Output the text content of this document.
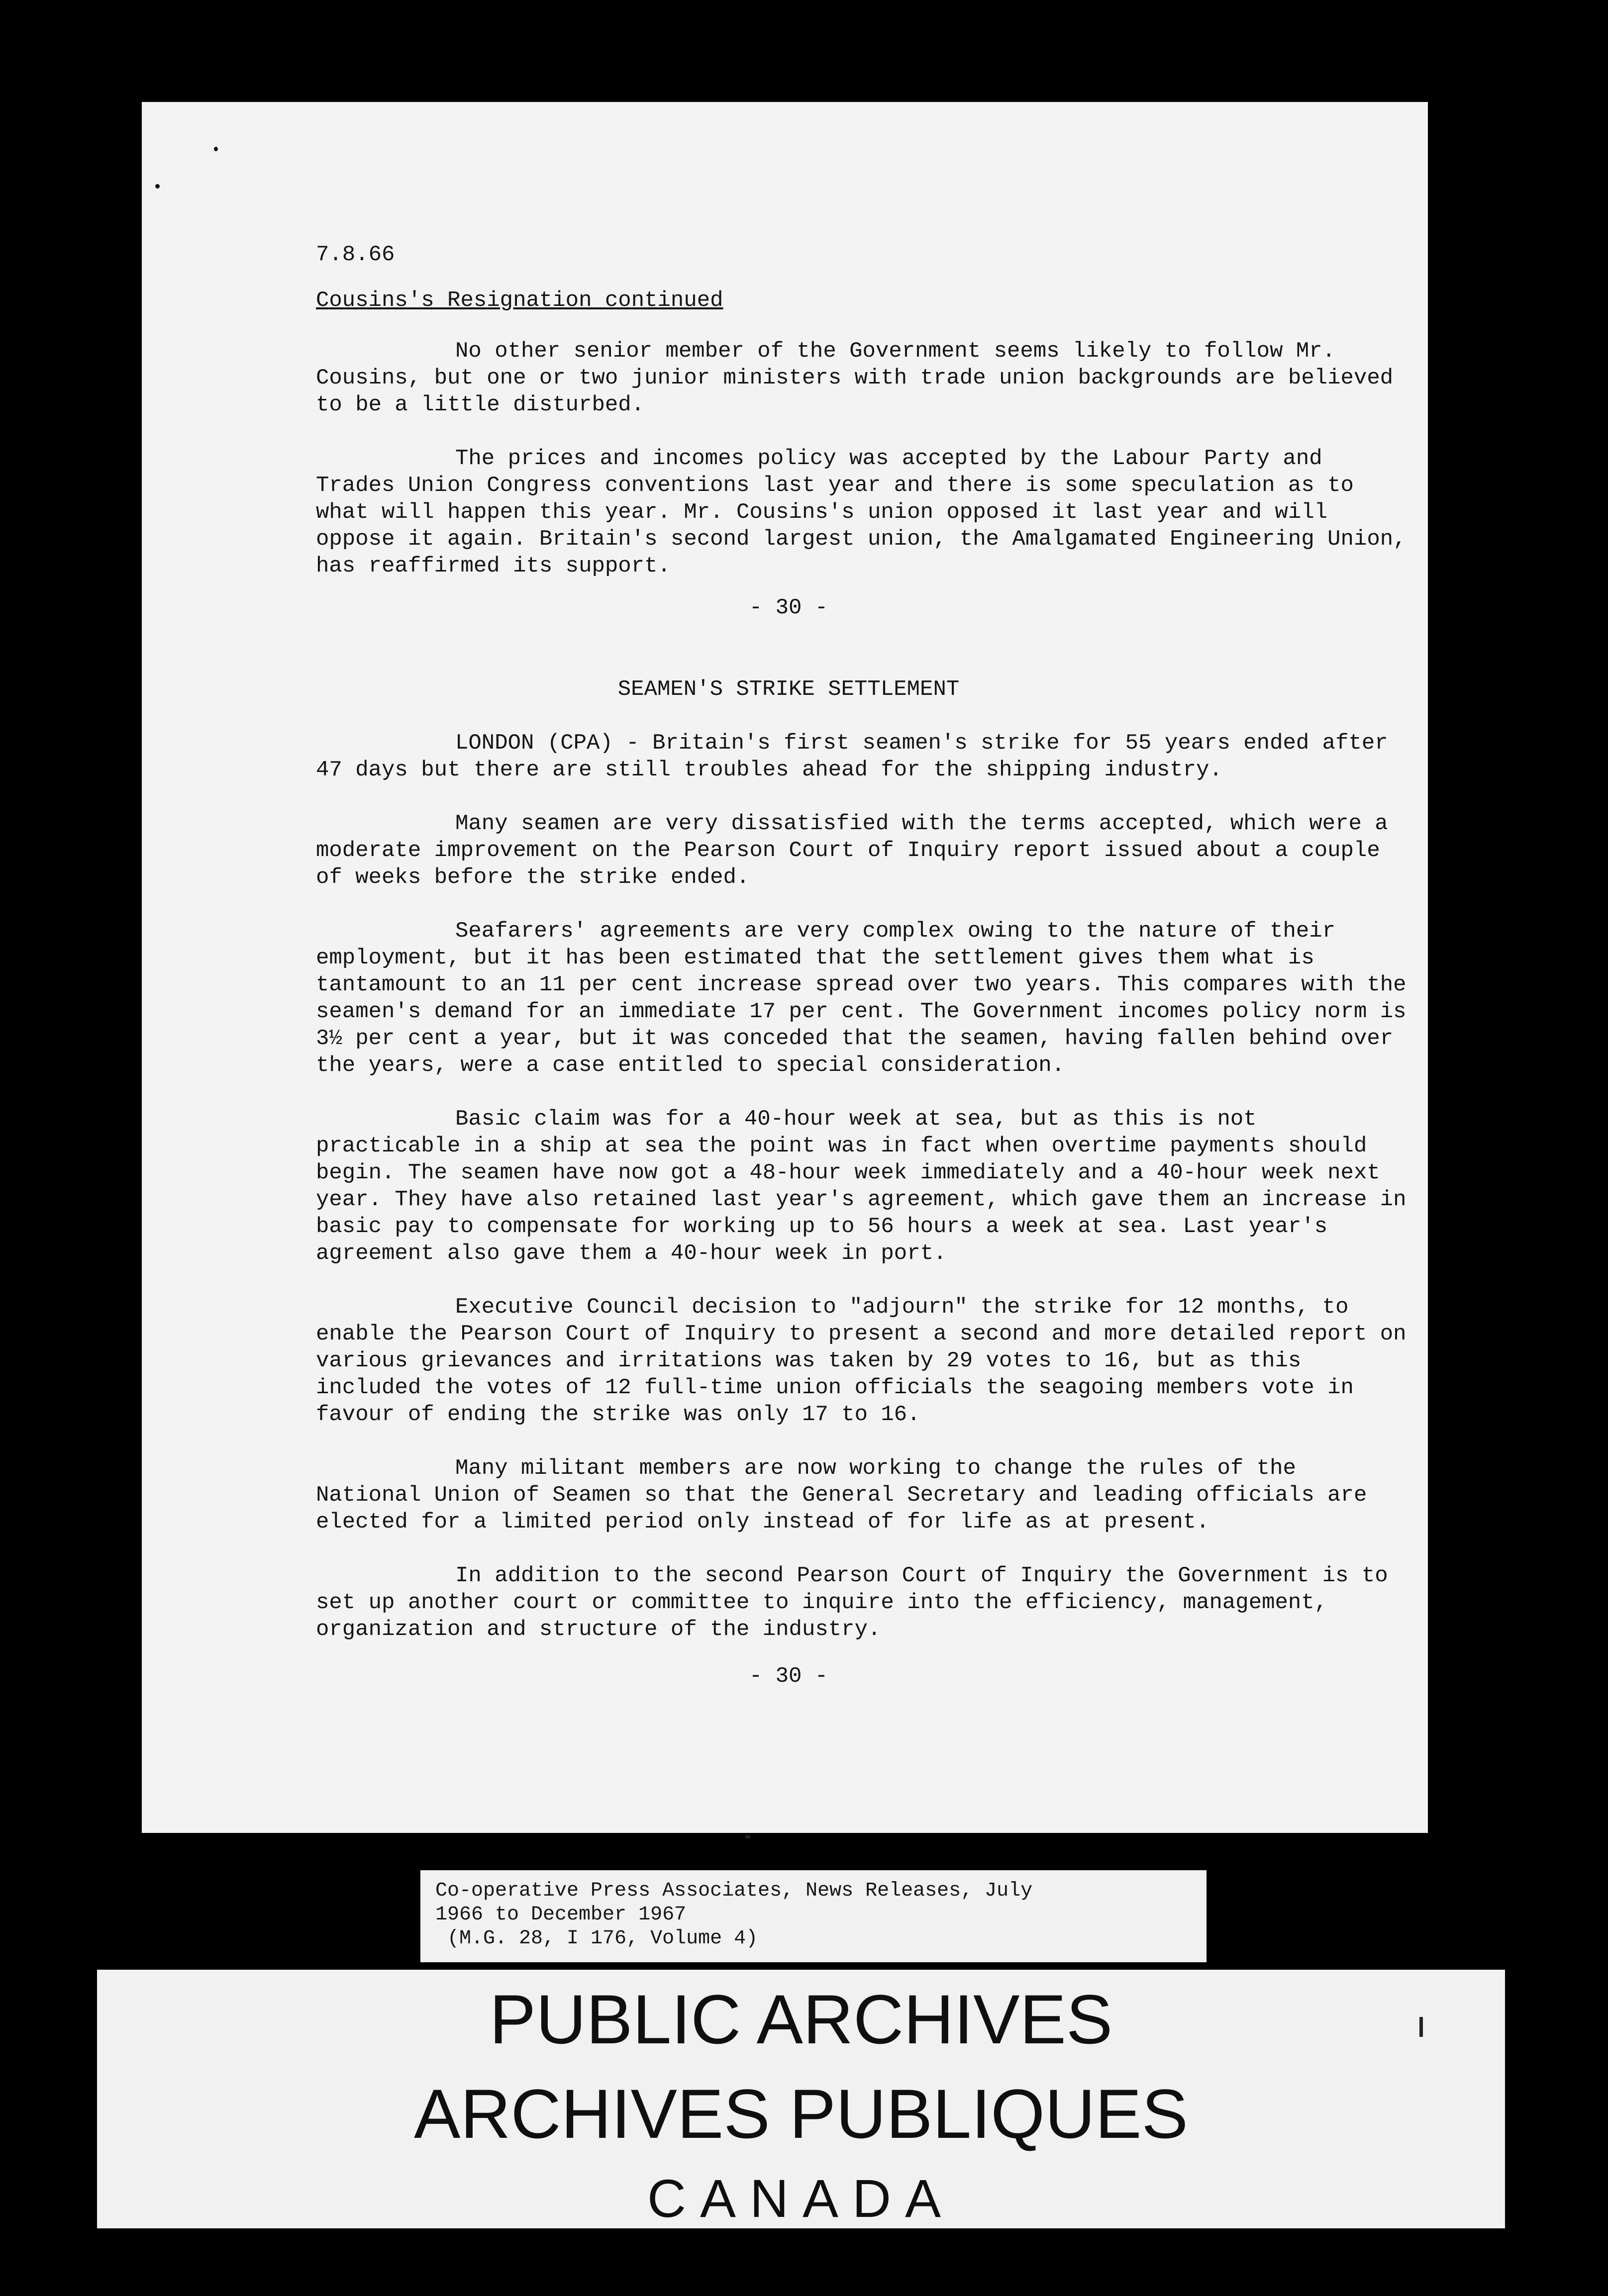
7.8.66
Cousins's Resignation continued

No other senior member of the Government seems likely to follow Mr. Cousins, but one or two junior ministers with trade union backgrounds are believed to be a little disturbed.

The prices and incomes policy was accepted by the Labour Party and Trades Union Congress conventions last year and there is some speculation as to what will happen this year. Mr. Cousins's union opposed it last year and will oppose it again. Britain's second largest union, the Amalgamated Engineering Union, has reaffirmed its support.

- 30 -
SEAMEN'S STRIKE SETTLEMENT

LONDON (CPA) - Britain's first seamen's strike for 55 years ended after 47 days but there are still troubles ahead for the shipping industry.

Many seamen are very dissatisfied with the terms accepted, which were a moderate improvement on the Pearson Court of Inquiry report issued about a couple of weeks before the strike ended.

Seafarers' agreements are very complex owing to the nature of their employment, but it has been estimated that the settlement gives them what is tantamount to an 11 per cent increase spread over two years. This compares with the seamen's demand for an immediate 17 per cent. The Government incomes policy norm is 3½ per cent a year, but it was conceded that the seamen, having fallen behind over the years, were a case entitled to special consideration.

Basic claim was for a 40-hour week at sea, but as this is not practicable in a ship at sea the point was in fact when overtime payments should begin. The seamen have now got a 48-hour week immediately and a 40-hour week next year. They have also retained last year's agreement, which gave them an increase in basic pay to compensate for working up to 56 hours a week at sea. Last year's agreement also gave them a 40-hour week in port.

Executive Council decision to "adjourn" the strike for 12 months, to enable the Pearson Court of Inquiry to present a second and more detailed report on various grievances and irritations was taken by 29 votes to 16, but as this included the votes of 12 full-time union officials the seagoing members vote in favour of ending the strike was only 17 to 16.

Many militant members are now working to change the rules of the National Union of Seamen so that the General Secretary and leading officials are elected for a limited period only instead of for life as at present.

In addition to the second Pearson Court of Inquiry the Government is to set up another court or committee to inquire into the efficiency, management, organization and structure of the industry.

- 30 -
Co-operative Press Associates, News Releases, July
1966 to December 1967
(M.G. 28, I 176, Volume 4)
PUBLIC ARCHIVES
ARCHIVES PUBLIQUES
CANADA
